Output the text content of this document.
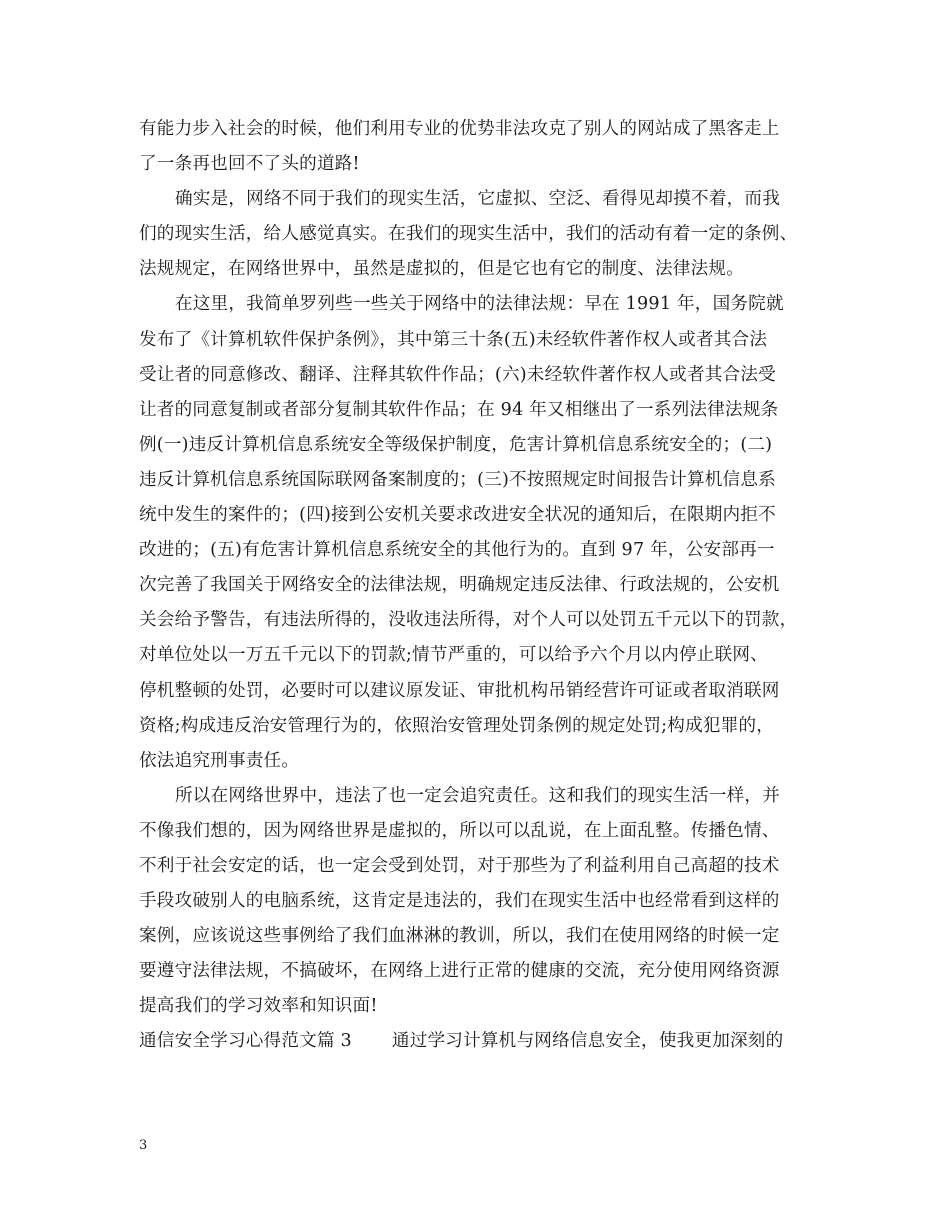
有能力步入社会的时候，他们利用专业的优势非法攻克了别人的网站成了黑客走上
了一条再也回不了头的道路!
确实是，网络不同于我们的现实生活，它虚拟、空泛、看得见却摸不着，而我
们的现实生活，给人感觉真实。在我们的现实生活中，我们的活动有着一定的条例、
法规规定，在网络世界中，虽然是虚拟的，但是它也有它的制度、法律法规。
在这里，我简单罗列些一些关于网络中的法律法规：早在 1991 年，国务院就
发布了《计算机软件保护条例》，其中第三十条(五)未经软件著作权人或者其合法
受让者的同意修改、翻译、注释其软件作品；(六)未经软件著作权人或者其合法受
让者的同意复制或者部分复制其软件作品；在 94 年又相继出了一系列法律法规条
例(一)违反计算机信息系统安全等级保护制度，危害计算机信息系统安全的；(二)
违反计算机信息系统国际联网备案制度的；(三)不按照规定时间报告计算机信息系
统中发生的案件的；(四)接到公安机关要求改进安全状况的通知后，在限期内拒不
改进的；(五)有危害计算机信息系统安全的其他行为的。直到 97 年，公安部再一
次完善了我国关于网络安全的法律法规，明确规定违反法律、行政法规的，公安机
关会给予警告，有违法所得的，没收违法所得，对个人可以处罚五千元以下的罚款，
对单位处以一万五千元以下的罚款;情节严重的，可以给予六个月以内停止联网、
停机整顿的处罚，必要时可以建议原发证、审批机构吊销经营许可证或者取消联网
资格;构成违反治安管理行为的，依照治安管理处罚条例的规定处罚;构成犯罪的，
依法追究刑事责任。
所以在网络世界中，违法了也一定会追究责任。这和我们的现实生活一样，并
不像我们想的，因为网络世界是虚拟的，所以可以乱说，在上面乱整。传播色情、
不利于社会安定的话，也一定会受到处罚，对于那些为了利益利用自己高超的技术
手段攻破别人的电脑系统，这肯定是违法的，我们在现实生活中也经常看到这样的
案例，应该说这些事例给了我们血淋淋的教训，所以，我们在使用网络的时候一定
要遵守法律法规，不搞破坏，在网络上进行正常的健康的交流，充分使用网络资源
提高我们的学习效率和知识面!
通信安全学习心得范文篇 3 通过学习计算机与网络信息安全，使我更加深刻的
3
